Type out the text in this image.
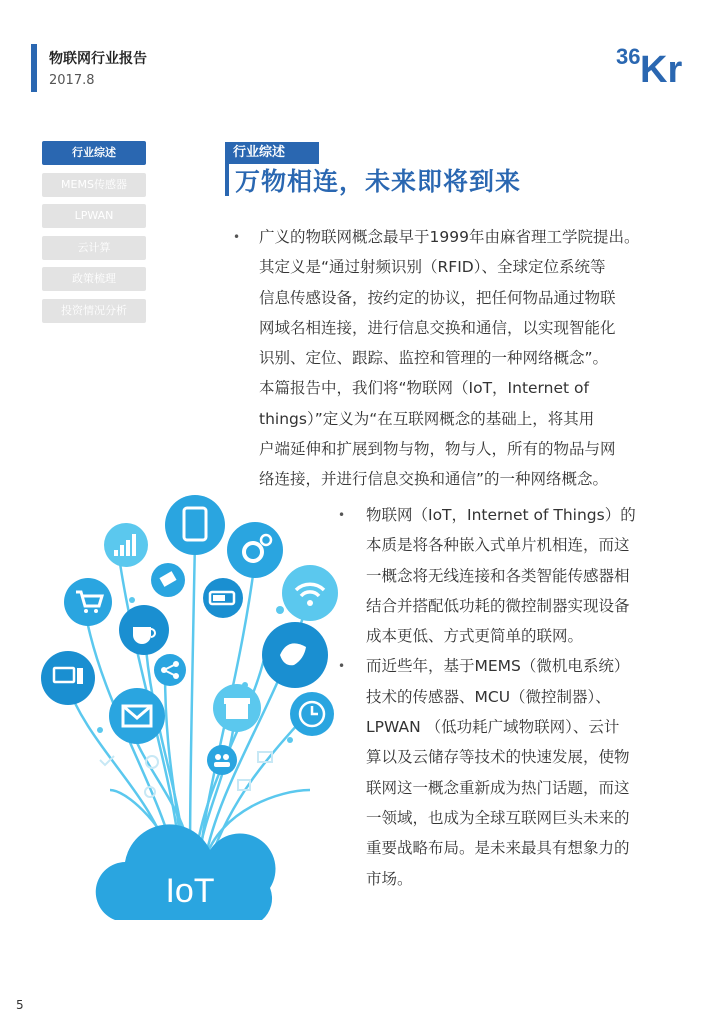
物联网行业报告
2017.8
36 Kr
行业综述
MEMS传感器
LPWAN
云计算
政策梳理
投资情况分析
行业综述
万物相连，未来即将到来
• 广义的物联网概念最早于1999年由麻省理工学院提出。
其定义是“通过射频识别（RFID）、全球定位系统等
信息传感设备，按约定的协议，把任何物品通过物联
网域名相连接，进行信息交换和通信，以实现智能化
识别、定位、跟踪、监控和管理的一种网络概念”。
本篇报告中，我们将“物联网（IoT，Internet of
things）”定义为“在互联网概念的基础上，将其用
户端延伸和扩展到物与物，物与人，所有的物品与网
络连接，并进行信息交换和通信”的一种网络概念。
• 物联网（IoT，Internet of Things）的
本质是将各种嵌入式单片机相连，而这
一概念将无线连接和各类智能传感器相
结合并搭配低功耗的微控制器实现设备
成本更低、方式更简单的联网。
• 而近些年，基于MEMS（微机电系统）
技术的传感器、MCU（微控制器）、
LPWAN （低功耗广域物联网）、云计
算以及云储存等技术的快速发展，使物
联网这一概念重新成为热门话题，而这
一领域，也成为全球互联网巨头未来的
重要战略布局。是未来最具有想象力的
市场。
IoT
5
